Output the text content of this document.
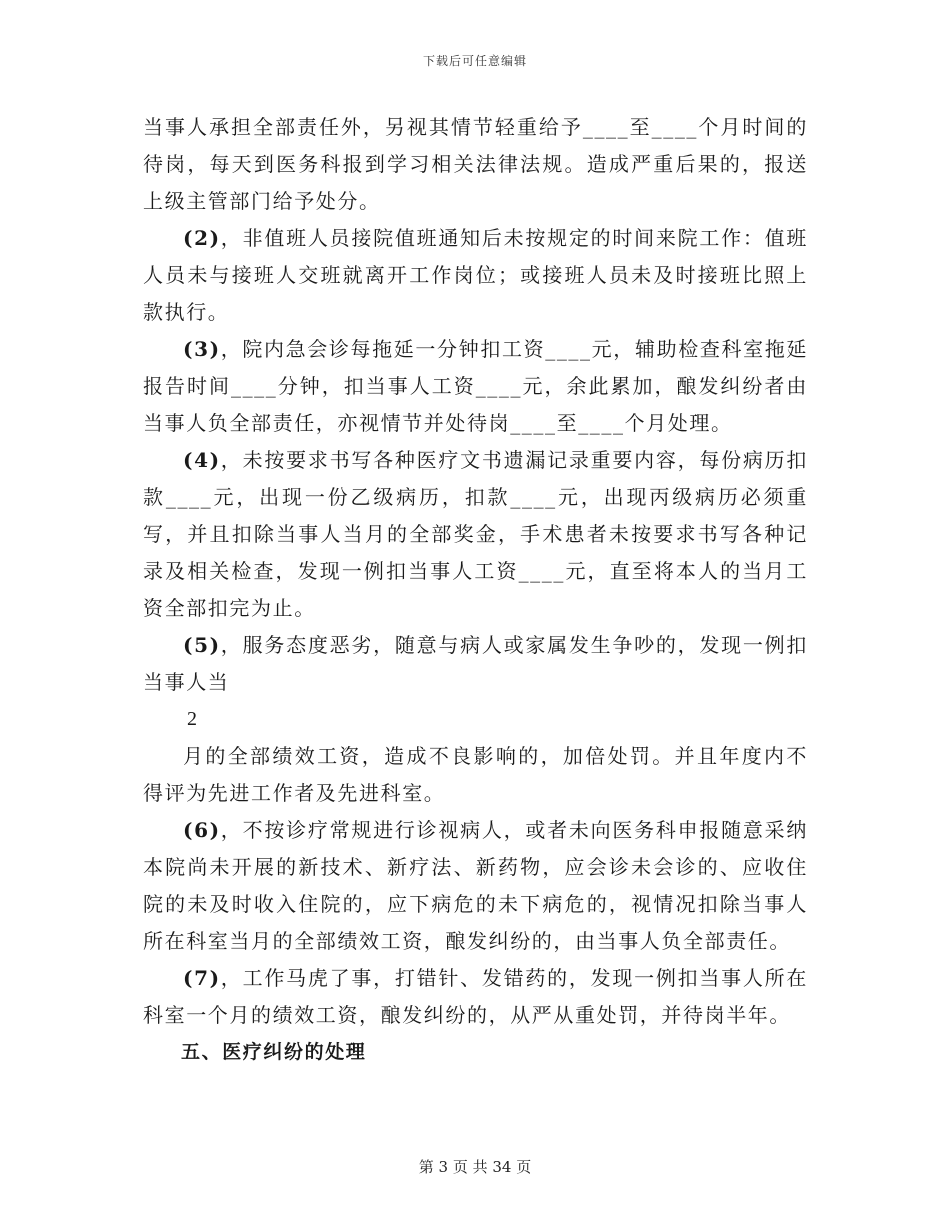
下载后可任意编辑

当事人承担全部责任外，另视其情节轻重给予____至____个月时间的待岗，每天到医务科报到学习相关法律法规。造成严重后果的，报送上级主管部门给予处分。

(2)，非值班人员接院值班通知后未按规定的时间来院工作：值班人员未与接班人交班就离开工作岗位；或接班人员未及时接班比照上款执行。

(3)，院内急会诊每拖延一分钟扣工资____元，辅助检查科室拖延报告时间____分钟，扣当事人工资____元，余此累加，酿发纠纷者由当事人负全部责任，亦视情节并处待岗____至____个月处理。

(4)，未按要求书写各种医疗文书遗漏记录重要内容，每份病历扣款____元，出现一份乙级病历，扣款____元，出现丙级病历必须重写，并且扣除当事人当月的全部奖金，手术患者未按要求书写各种记录及相关检查，发现一例扣当事人工资____元，直至将本人的当月工资全部扣完为止。

(5)，服务态度恶劣，随意与病人或家属发生争吵的，发现一例扣当事人当

2

月的全部绩效工资，造成不良影响的，加倍处罚。并且年度内不得评为先进工作者及先进科室。

(6)，不按诊疗常规进行诊视病人，或者未向医务科申报随意采纳本院尚未开展的新技术、新疗法、新药物，应会诊未会诊的、应收住院的未及时收入住院的，应下病危的未下病危的，视情况扣除当事人所在科室当月的全部绩效工资，酿发纠纷的，由当事人负全部责任。

(7)，工作马虎了事，打错针、发错药的，发现一例扣当事人所在科室一个月的绩效工资，酿发纠纷的，从严从重处罚，并待岗半年。

五、医疗纠纷的处理

第 3 页 共 34 页
